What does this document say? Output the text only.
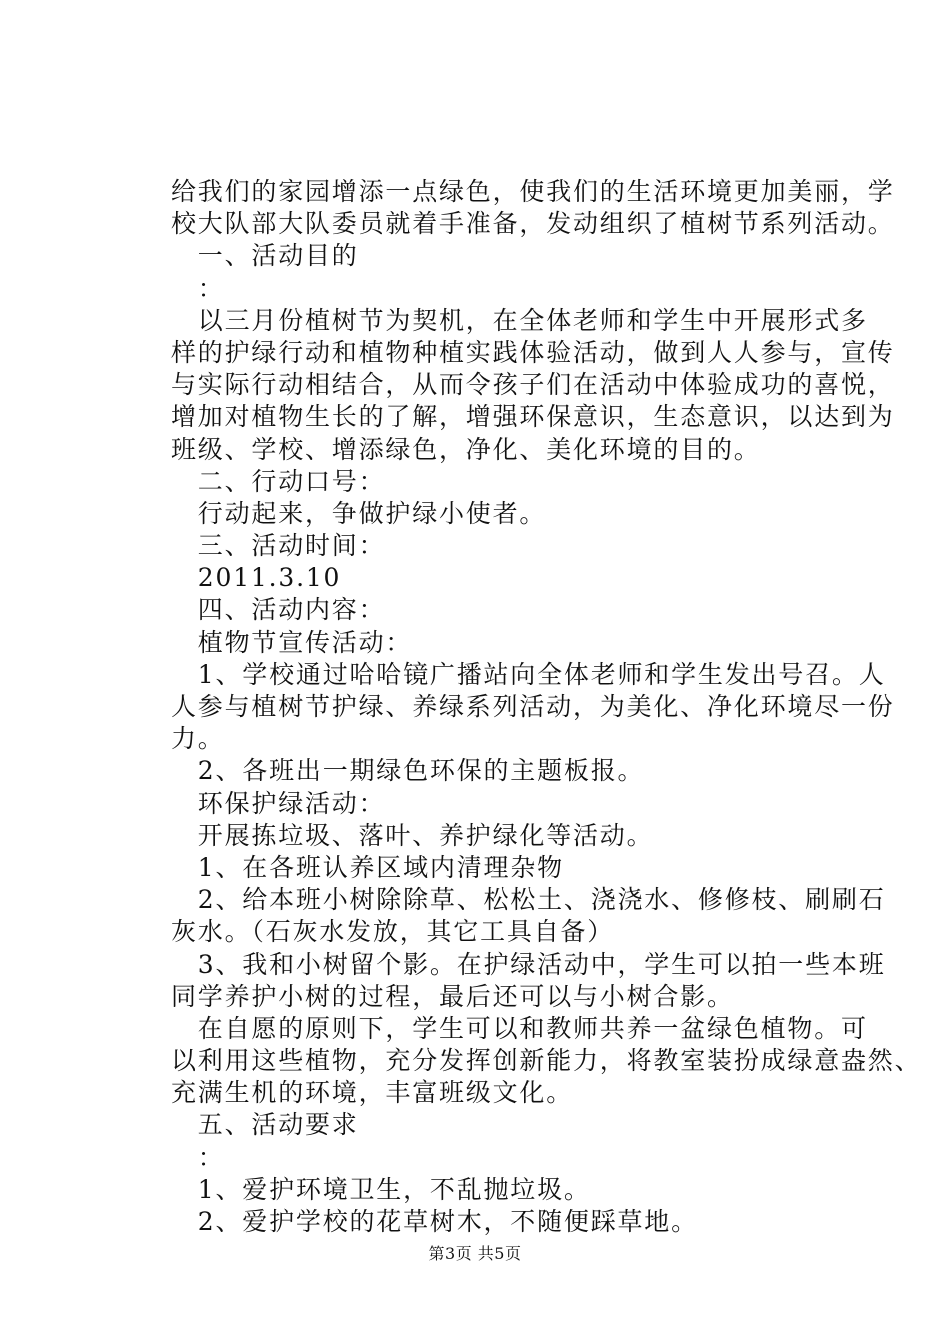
给我们的家园增添一点绿色，使我们的生活环境更加美丽，学
校大队部大队委员就着手准备，发动组织了植树节系列活动。
　一、活动目的
　：
　以三月份植树节为契机，在全体老师和学生中开展形式多
样的护绿行动和植物种植实践体验活动，做到人人参与，宣传
与实际行动相结合，从而令孩子们在活动中体验成功的喜悦，
增加对植物生长的了解，增强环保意识，生态意识，以达到为
班级、学校、增添绿色，净化、美化环境的目的。
　二、行动口号：
　行动起来，争做护绿小使者。
　三、活动时间：
　2011.3.10
　四、活动内容：
　植物节宣传活动：
　1、学校通过哈哈镜广播站向全体老师和学生发出号召。人
人参与植树节护绿、养绿系列活动，为美化、净化环境尽一份
力。
　2、各班出一期绿色环保的主题板报。
　环保护绿活动：
　开展拣垃圾、落叶、养护绿化等活动。
　1、在各班认养区域内清理杂物
　2、给本班小树除除草、松松土、浇浇水、修修枝、刷刷石
灰水。（石灰水发放，其它工具自备）
　3、我和小树留个影。在护绿活动中，学生可以拍一些本班
同学养护小树的过程，最后还可以与小树合影。
　在自愿的原则下，学生可以和教师共养一盆绿色植物。可
以利用这些植物，充分发挥创新能力，将教室装扮成绿意盎然、
充满生机的环境，丰富班级文化。
　五、活动要求
　：
　1、爱护环境卫生，不乱抛垃圾。
　2、爱护学校的花草树木，不随便踩草地。
第3页 共5页
